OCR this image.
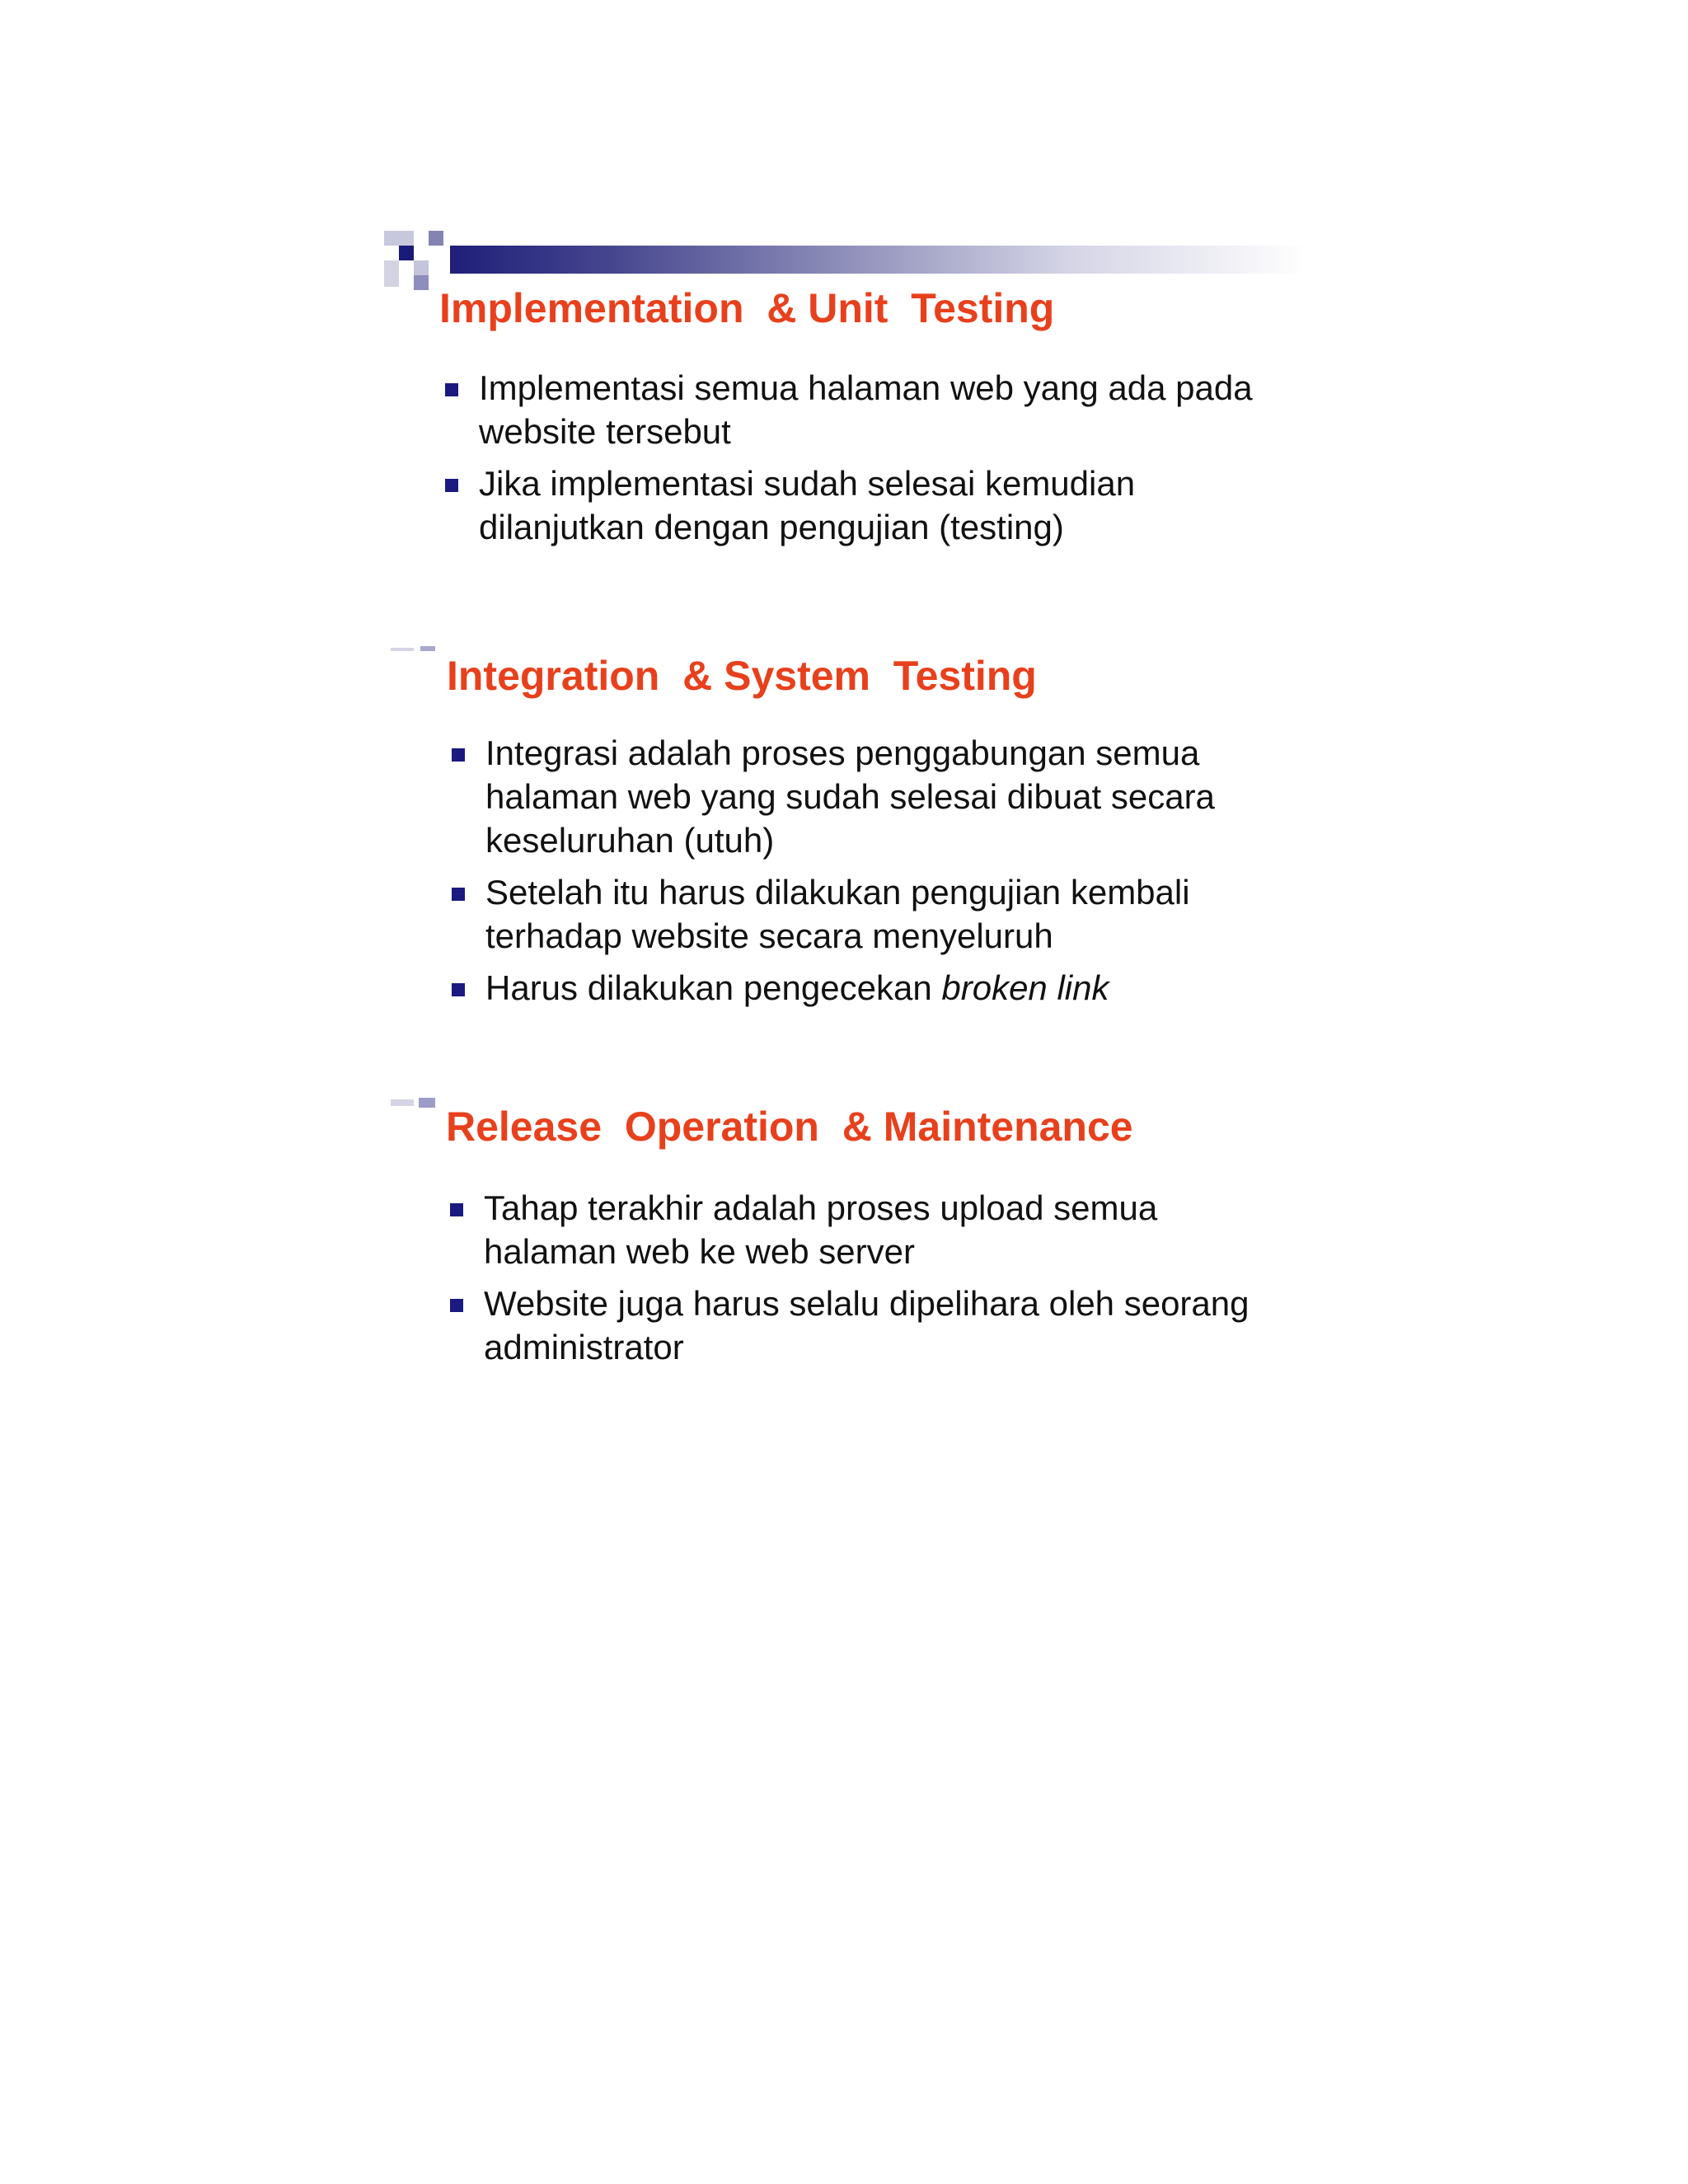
Implementation  & Unit  Testing
Implementasi semua halaman web yang ada pada website tersebut
Jika implementasi sudah selesai kemudian dilanjutkan dengan pengujian (testing)
Integration  & System  Testing
Integrasi adalah proses penggabungan semua halaman web yang sudah selesai dibuat secara keseluruhan (utuh)
Setelah itu harus dilakukan pengujian kembali terhadap website secara menyeluruh
Harus dilakukan pengecekan broken link
Release  Operation  & Maintenance
Tahap terakhir adalah proses upload semua halaman web ke web server
Website juga harus selalu dipelihara oleh seorang administrator
